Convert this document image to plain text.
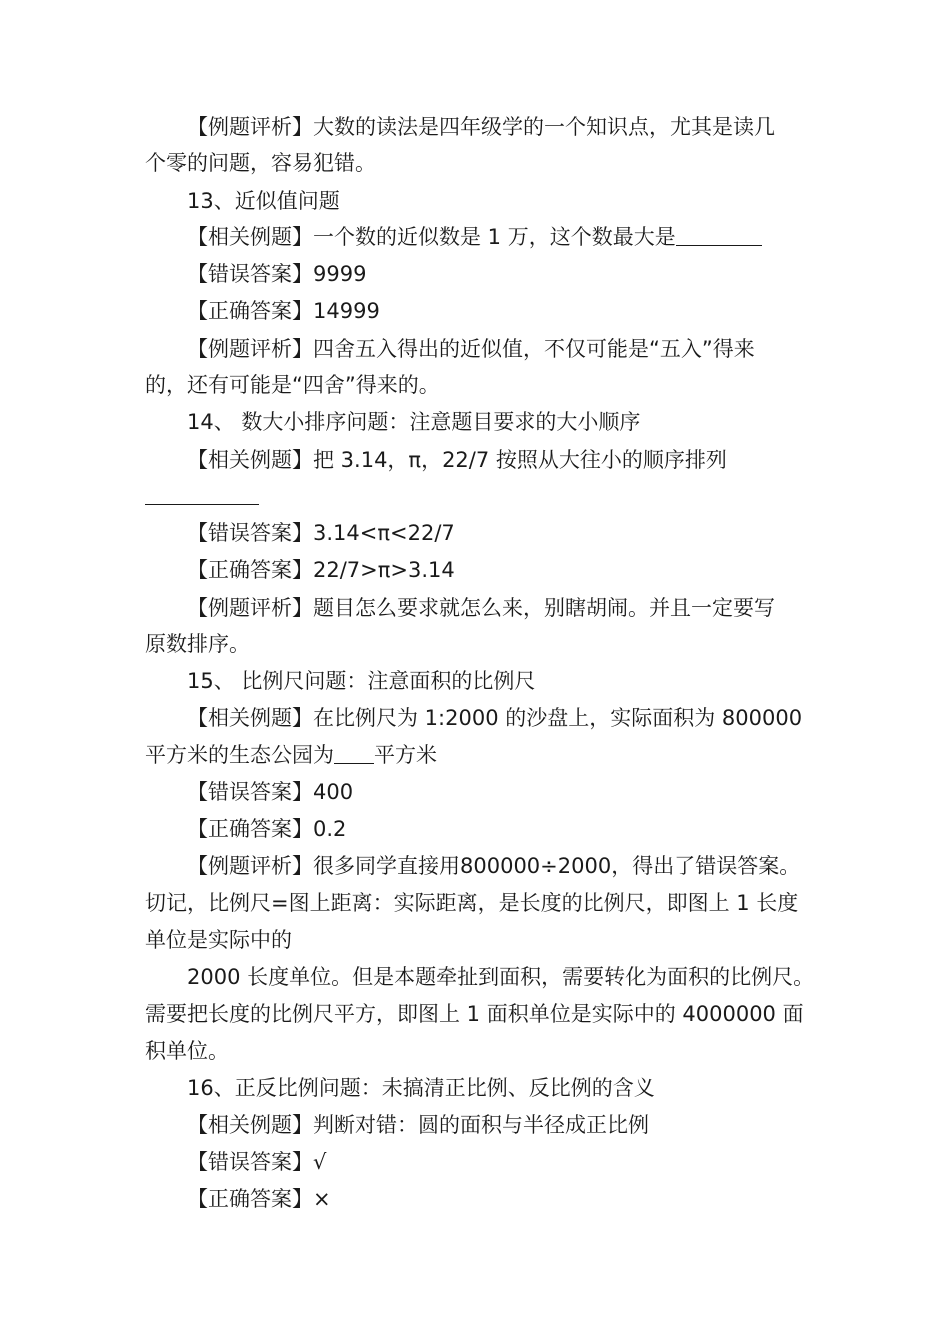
【例题评析】大数的读法是四年级学的一个知识点，尤其是读几
个零的问题，容易犯错。
13、近似值问题
【相关例题】一个数的近似数是 1 万，这个数最大是
【错误答案】9999
【正确答案】14999
【例题评析】四舍五入得出的近似值，不仅可能是“五入”得来
的，还有可能是“四舍”得来的。
14、 数大小排序问题：注意题目要求的大小顺序
【相关例题】把 3.14，π，22/7 按照从大往小的顺序排列
【错误答案】3.14<π<22/7
【正确答案】22/7>π>3.14
【例题评析】题目怎么要求就怎么来，别瞎胡闹。并且一定要写
原数排序。
15、 比例尺问题：注意面积的比例尺
【相关例题】在比例尺为 1:2000 的沙盘上，实际面积为 800000
平方米的生态公园为 平方米
【错误答案】400
【正确答案】0.2
【例题评析】很多同学直接用800000÷2000，得出了错误答案。
切记，比例尺=图上距离：实际距离，是长度的比例尺，即图上 1 长度
单位是实际中的
2000 长度单位。但是本题牵扯到面积，需要转化为面积的比例尺。
需要把长度的比例尺平方，即图上 1 面积单位是实际中的 4000000 面
积单位。
16、正反比例问题：未搞清正比例、反比例的含义
【相关例题】判断对错：圆的面积与半径成正比例
【错误答案】√
【正确答案】×
